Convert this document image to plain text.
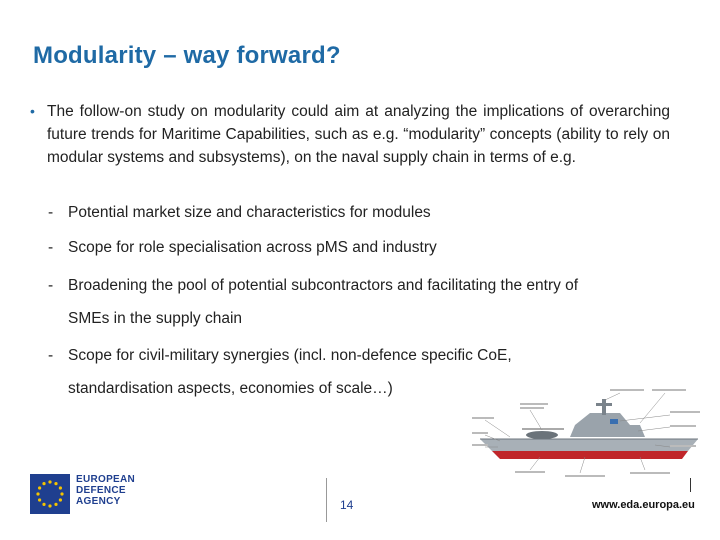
Modularity – way forward?
• The follow-on study on modularity could aim at analyzing the implications of overarching future trends for Maritime Capabilities, such as e.g. “modularity” concepts (ability to rely on modular systems and subsystems), on the naval supply chain in terms of e.g.
- Potential market size and characteristics for modules
- Scope for role specialisation across pMS and industry
- Broadening the pool of potential subcontractors and facilitating the entry of
SMEs in the supply chain
- Scope for civil-military synergies (incl. non-defence specific CoE,
standardisation aspects, economies of scale…)
EUROPEAN
DEFENCE
AGENCY	14	www.eda.europa.eu
